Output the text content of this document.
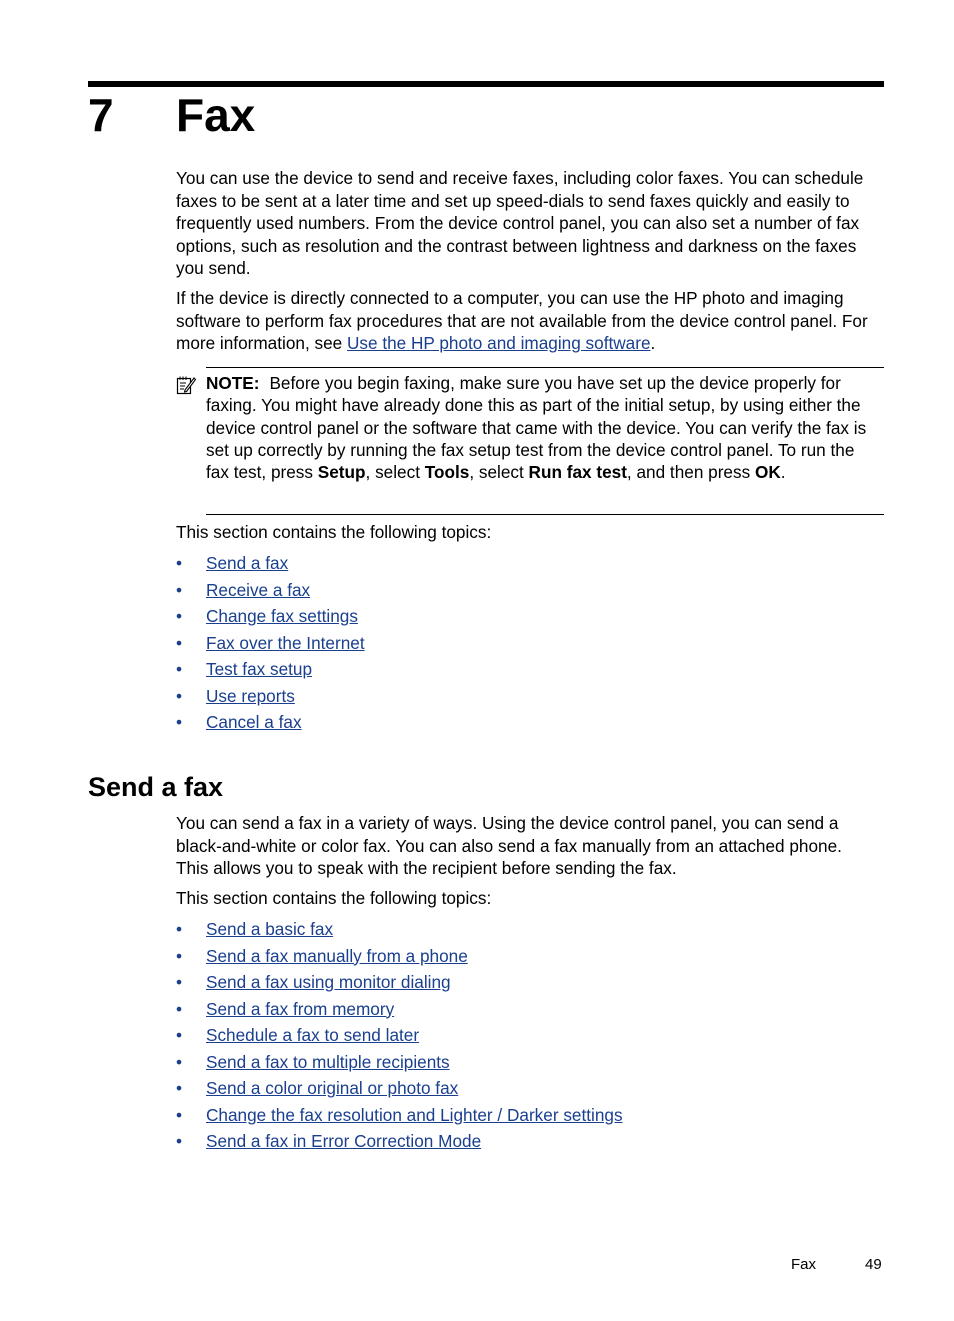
7 Fax

You can use the device to send and receive faxes, including color faxes. You can schedule faxes to be sent at a later time and set up speed-dials to send faxes quickly and easily to frequently used numbers. From the device control panel, you can also set a number of fax options, such as resolution and the contrast between lightness and darkness on the faxes you send.

If the device is directly connected to a computer, you can use the HP photo and imaging software to perform fax procedures that are not available from the device control panel. For more information, see Use the HP photo and imaging software.

NOTE: Before you begin faxing, make sure you have set up the device properly for faxing. You might have already done this as part of the initial setup, by using either the device control panel or the software that came with the device. You can verify the fax is set up correctly by running the fax setup test from the device control panel. To run the fax test, press Setup, select Tools, select Run fax test, and then press OK.

This section contains the following topics:

• Send a fax
• Receive a fax
• Change fax settings
• Fax over the Internet
• Test fax setup
• Use reports
• Cancel a fax
Send a fax

You can send a fax in a variety of ways. Using the device control panel, you can send a black-and-white or color fax. You can also send a fax manually from an attached phone. This allows you to speak with the recipient before sending the fax.

This section contains the following topics:

• Send a basic fax
• Send a fax manually from a phone
• Send a fax using monitor dialing
• Send a fax from memory
• Schedule a fax to send later
• Send a fax to multiple recipients
• Send a color original or photo fax
• Change the fax resolution and Lighter / Darker settings
• Send a fax in Error Correction Mode
Fax	49
